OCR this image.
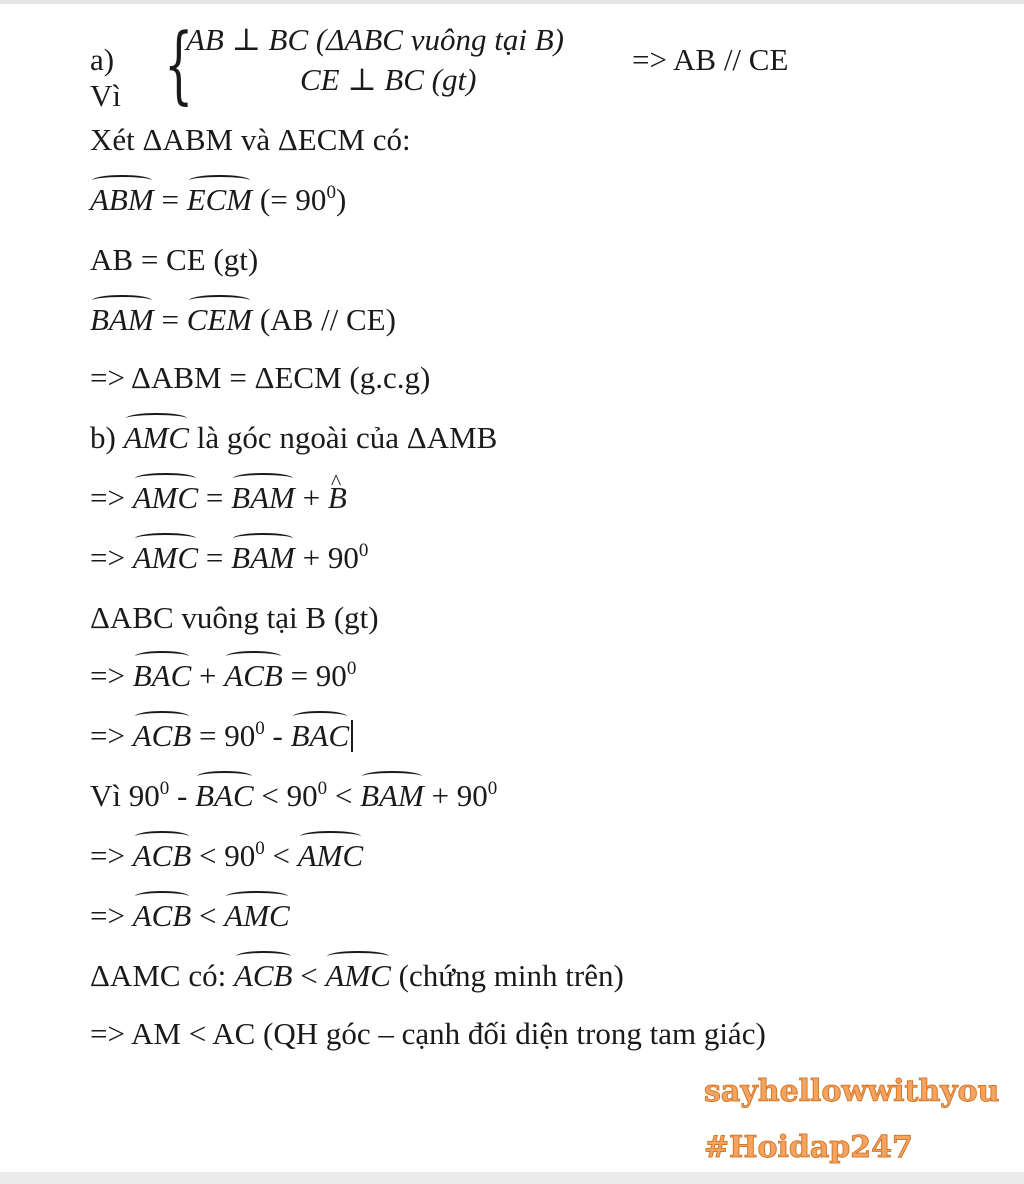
a) Vì {
AB ⊥ BC (ΔABC vuông tại B)
CE ⊥ BC (gt)
=> AB // CE
Xét ΔABM và ΔECM có:
ABM = ECM (= $90^0$)
AB = CE (gt)
BAM = CEM (AB // CE)
=> ΔABM = ΔECM (g.c.g)
b) AMC là góc ngoài của ΔAMB
=> AMC = BAM + ^ B
=> AMC = BAM + $90^0$
ΔABC vuông tại B (gt)
=> BAC + ACB = $90^0$
=> ACB = $90^0$ - BAC
Vì $90^0$ - BAC < $90^0$ < BAM + $90^0$
=> ACB < $90^0$ < AMC
=> ACB < AMC
ΔAMC có: ACB < AMC (chứng minh trên)
=> AM < AC (QH góc – cạnh đối diện trong tam giác)
sayhellowwithyou
#Hoidap247
